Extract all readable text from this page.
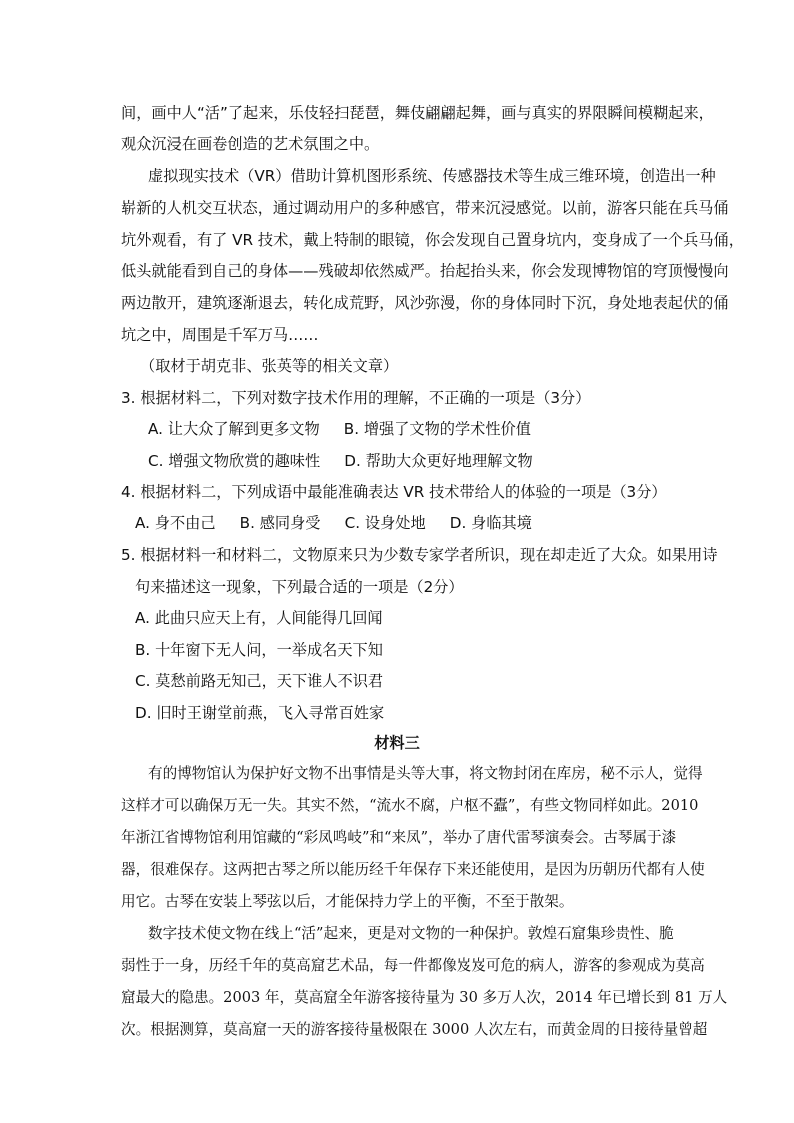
间，画中人“活”了起来，乐伎轻扫琵琶，舞伎翩翩起舞，画与真实的界限瞬间模糊起来，
观众沉浸在画卷创造的艺术氛围之中。
虚拟现实技术（VR）借助计算机图形系统、传感器技术等生成三维环境，创造出一种
崭新的人机交互状态，通过调动用户的多种感官，带来沉浸感觉。以前，游客只能在兵马俑
坑外观看，有了 VR 技术，戴上特制的眼镜，你会发现自己置身坑内，变身成了一个兵马俑，
低头就能看到自己的身体——残破却依然威严。抬起抬头来，你会发现博物馆的穹顶慢慢向
两边散开，建筑逐渐退去，转化成荒野，风沙弥漫，你的身体同时下沉，身处地表起伏的俑
坑之中，周围是千军万马……
（取材于胡克非、张英等的相关文章）
3. 根据材料二，下列对数字技术作用的理解，不正确的一项是（3分）
A. 让大众了解到更多文物 B. 增强了文物的学术性价值
C. 增强文物欣赏的趣味性 D. 帮助大众更好地理解文物
4. 根据材料二，下列成语中最能准确表达 VR 技术带给人的体验的一项是（3分）
A. 身不由己 B. 感同身受 C. 设身处地 D. 身临其境
5. 根据材料一和材料二，文物原来只为少数专家学者所识，现在却走近了大众。如果用诗
句来描述这一现象，下列最合适的一项是（2分）
A. 此曲只应天上有，人间能得几回闻
B. 十年窗下无人问，一举成名天下知
C. 莫愁前路无知己，天下谁人不识君
D. 旧时王谢堂前燕，飞入寻常百姓家
材料三
有的博物馆认为保护好文物不出事情是头等大事，将文物封闭在库房，秘不示人，觉得
这样才可以确保万无一失。其实不然，“流水不腐，户枢不蠹”，有些文物同样如此。2010
年浙江省博物馆利用馆藏的“彩凤鸣岐”和“来凤”，举办了唐代雷琴演奏会。古琴属于漆
器，很难保存。这两把古琴之所以能历经千年保存下来还能使用，是因为历朝历代都有人使
用它。古琴在安装上琴弦以后，才能保持力学上的平衡，不至于散架。
数字技术使文物在线上“活”起来，更是对文物的一种保护。敦煌石窟集珍贵性、脆
弱性于一身，历经千年的莫高窟艺术品，每一件都像岌岌可危的病人，游客的参观成为莫高
窟最大的隐患。2003 年，莫高窟全年游客接待量为 30 多万人次，2014 年已增长到 81 万人
次。根据测算，莫高窟一天的游客接待量极限在 3000 人次左右，而黄金周的日接待量曾超
